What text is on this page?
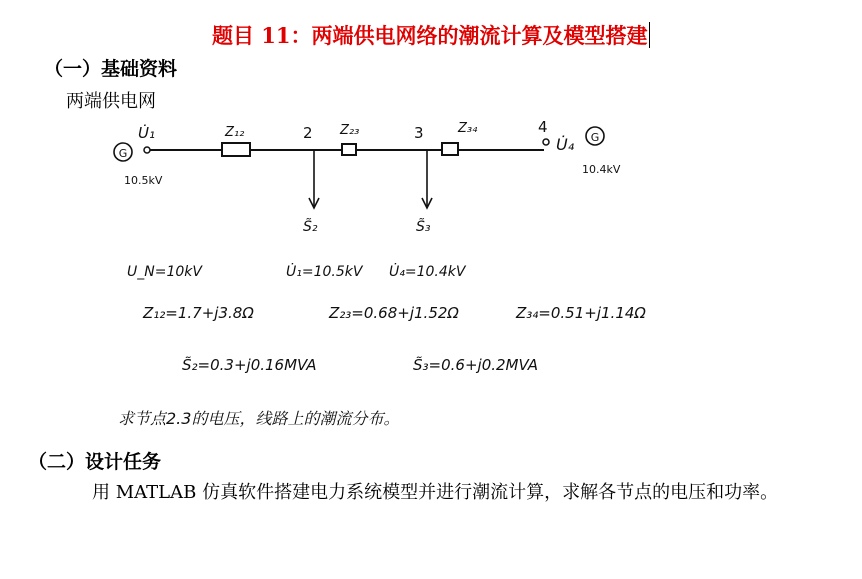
题目 11：两端供电网络的潮流计算及模型搭建
（一）基础资料
两端供电网
G
G
U̇₁
10.5kV
Z₁₂	2 Z₂₃	3	Z₃₄	4
U̇₄
10.4kV
S̃₂	S̃₃
U_N=10kV	U̇₁=10.5kV U̇₄=10.4kV
Z₁₂=1.7+j3.8Ω	Z₂₃=0.68+j1.52Ω	Z₃₄=0.51+j1.14Ω
S̃₂=0.3+j0.16MVA	S̃₃=0.6+j0.2MVA
求节点2.3的电压，线路上的潮流分布。
（二）设计任务
用 MATLAB 仿真软件搭建电力系统模型并进行潮流计算，求解各节点的电压和功率。
